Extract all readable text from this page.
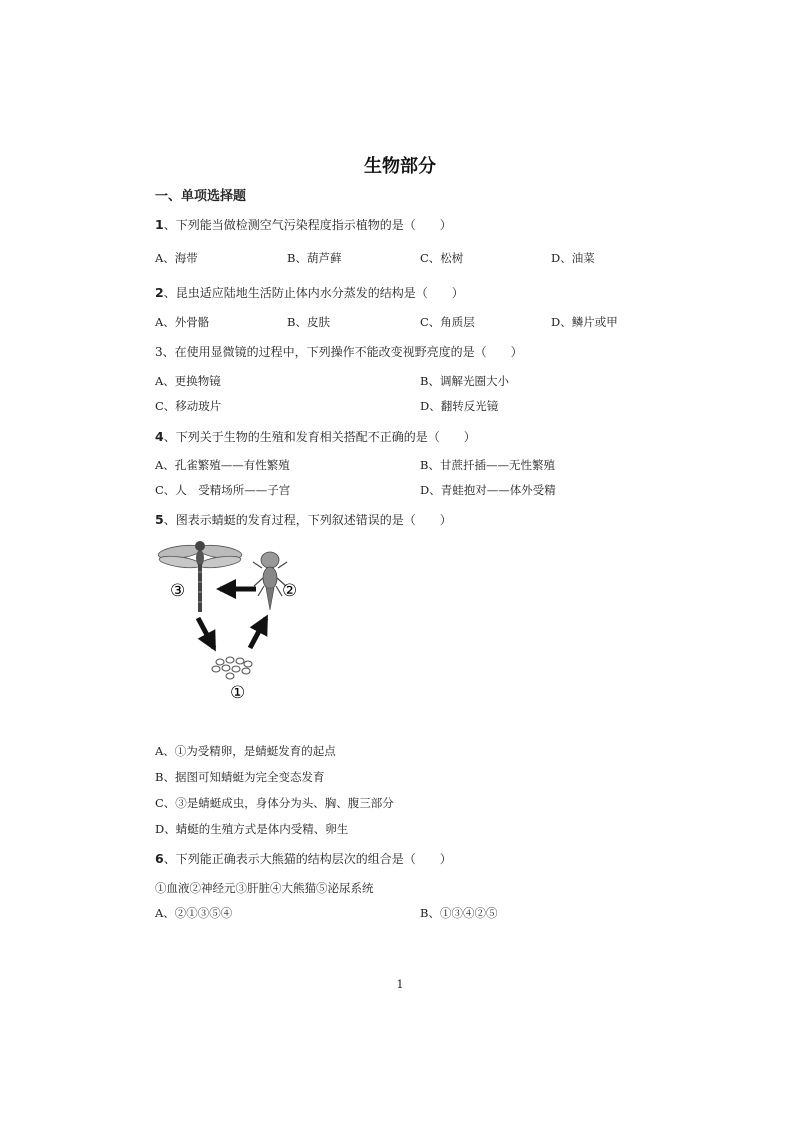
生物部分
一、单项选择题
1、下列能当做检测空气污染程度指示植物的是（　　）
A、海带	B、葫芦藓	C、松树	D、油菜
2、昆虫适应陆地生活防止体内水分蒸发的结构是（　　）
A、外骨骼	B、皮肤	C、角质层	D、鳞片或甲
3、在使用显微镜的过程中，下列操作不能改变视野亮度的是（　　）
A、更换物镜	B、调解光圈大小
C、移动玻片	D、翻转反光镜
4、下列关于生物的生殖和发育相关搭配不正确的是（　　）
A、孔雀繁殖——有性繁殖	B、甘蔗扦插——无性繁殖
C、人　受精场所——子宫	D、青蛙抱对——体外受精
5、图表示蜻蜓的发育过程，下列叙述错误的是（　　）
③	②
①
A、①为受精卵，是蜻蜓发育的起点
B、据图可知蜻蜓为完全变态发育
C、③是蜻蜓成虫，身体分为头、胸、腹三部分
D、蜻蜓的生殖方式是体内受精、卵生
6、下列能正确表示大熊猫的结构层次的组合是（　　）
①血液②神经元③肝脏④大熊猫⑤泌尿系统
A、②①③⑤④	B、①③④②⑤
1
